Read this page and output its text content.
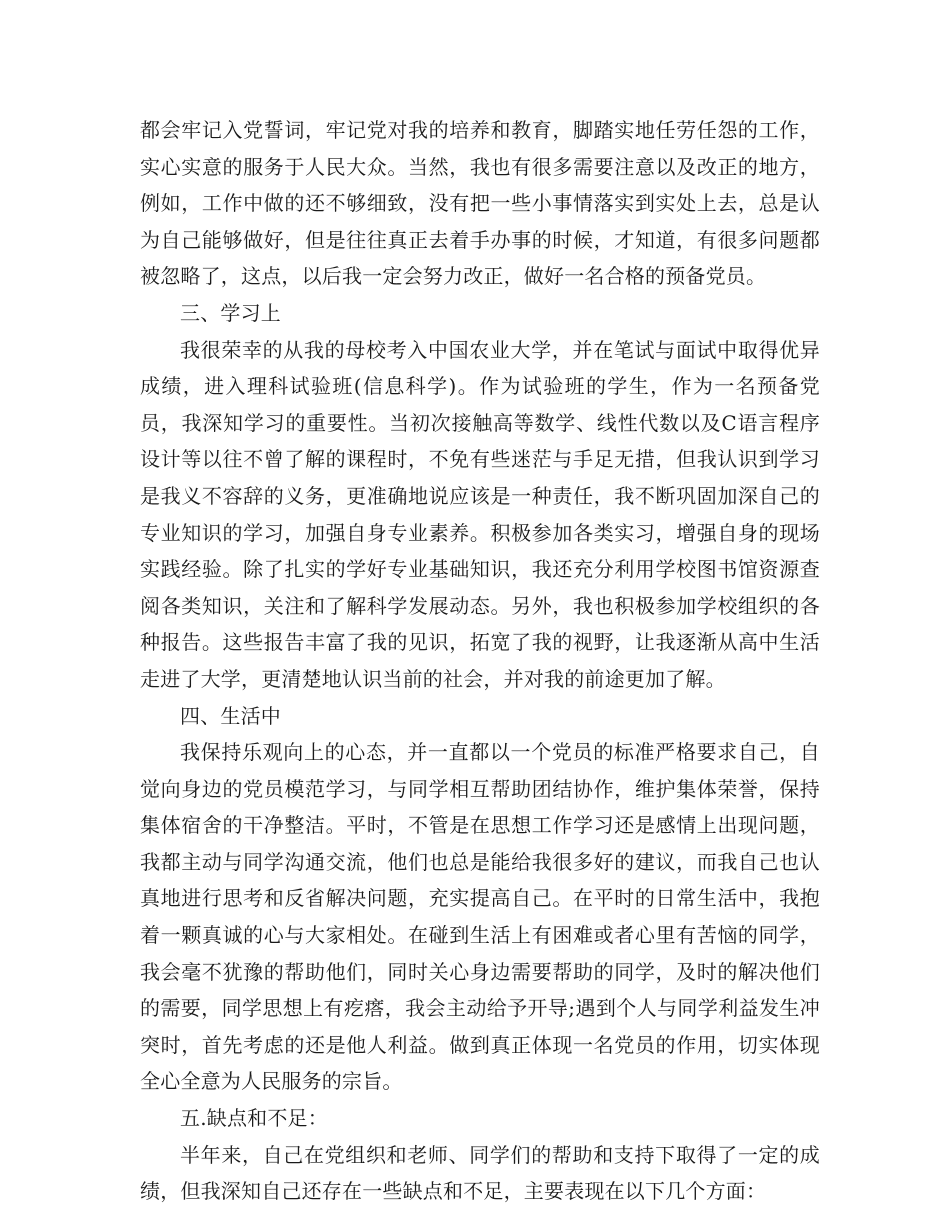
都会牢记入党誓词，牢记党对我的培养和教育，脚踏实地任劳任怨的工作，实心实意的服务于人民大众。当然，我也有很多需要注意以及改正的地方，例如，工作中做的还不够细致，没有把一些小事情落实到实处上去，总是认为自己能够做好，但是往往真正去着手办事的时候，才知道，有很多问题都被忽略了，这点，以后我一定会努力改正，做好一名合格的预备党员。

三、学习上

我很荣幸的从我的母校考入中国农业大学，并在笔试与面试中取得优异成绩，进入理科试验班(信息科学)。作为试验班的学生，作为一名预备党员，我深知学习的重要性。当初次接触高等数学、线性代数以及C语言程序设计等以往不曾了解的课程时，不免有些迷茫与手足无措，但我认识到学习是我义不容辞的义务，更准确地说应该是一种责任，我不断巩固加深自己的专业知识的学习，加强自身专业素养。积极参加各类实习，增强自身的现场实践经验。除了扎实的学好专业基础知识，我还充分利用学校图书馆资源查阅各类知识，关注和了解科学发展动态。另外，我也积极参加学校组织的各种报告。这些报告丰富了我的见识，拓宽了我的视野，让我逐渐从高中生活走进了大学，更清楚地认识当前的社会，并对我的前途更加了解。

四、生活中

我保持乐观向上的心态，并一直都以一个党员的标准严格要求自己，自觉向身边的党员模范学习，与同学相互帮助团结协作，维护集体荣誉，保持集体宿舍的干净整洁。平时，不管是在思想工作学习还是感情上出现问题，我都主动与同学沟通交流，他们也总是能给我很多好的建议，而我自己也认真地进行思考和反省解决问题，充实提高自己。在平时的日常生活中，我抱着一颗真诚的心与大家相处。在碰到生活上有困难或者心里有苦恼的同学，我会毫不犹豫的帮助他们，同时关心身边需要帮助的同学，及时的解决他们的需要，同学思想上有疙瘩，我会主动给予开导;遇到个人与同学利益发生冲突时，首先考虑的还是他人利益。做到真正体现一名党员的作用，切实体现全心全意为人民服务的宗旨。

五.缺点和不足：

半年来，自己在党组织和老师、同学们的帮助和支持下取得了一定的成绩，但我深知自己还存在一些缺点和不足，主要表现在以下几个方面：
